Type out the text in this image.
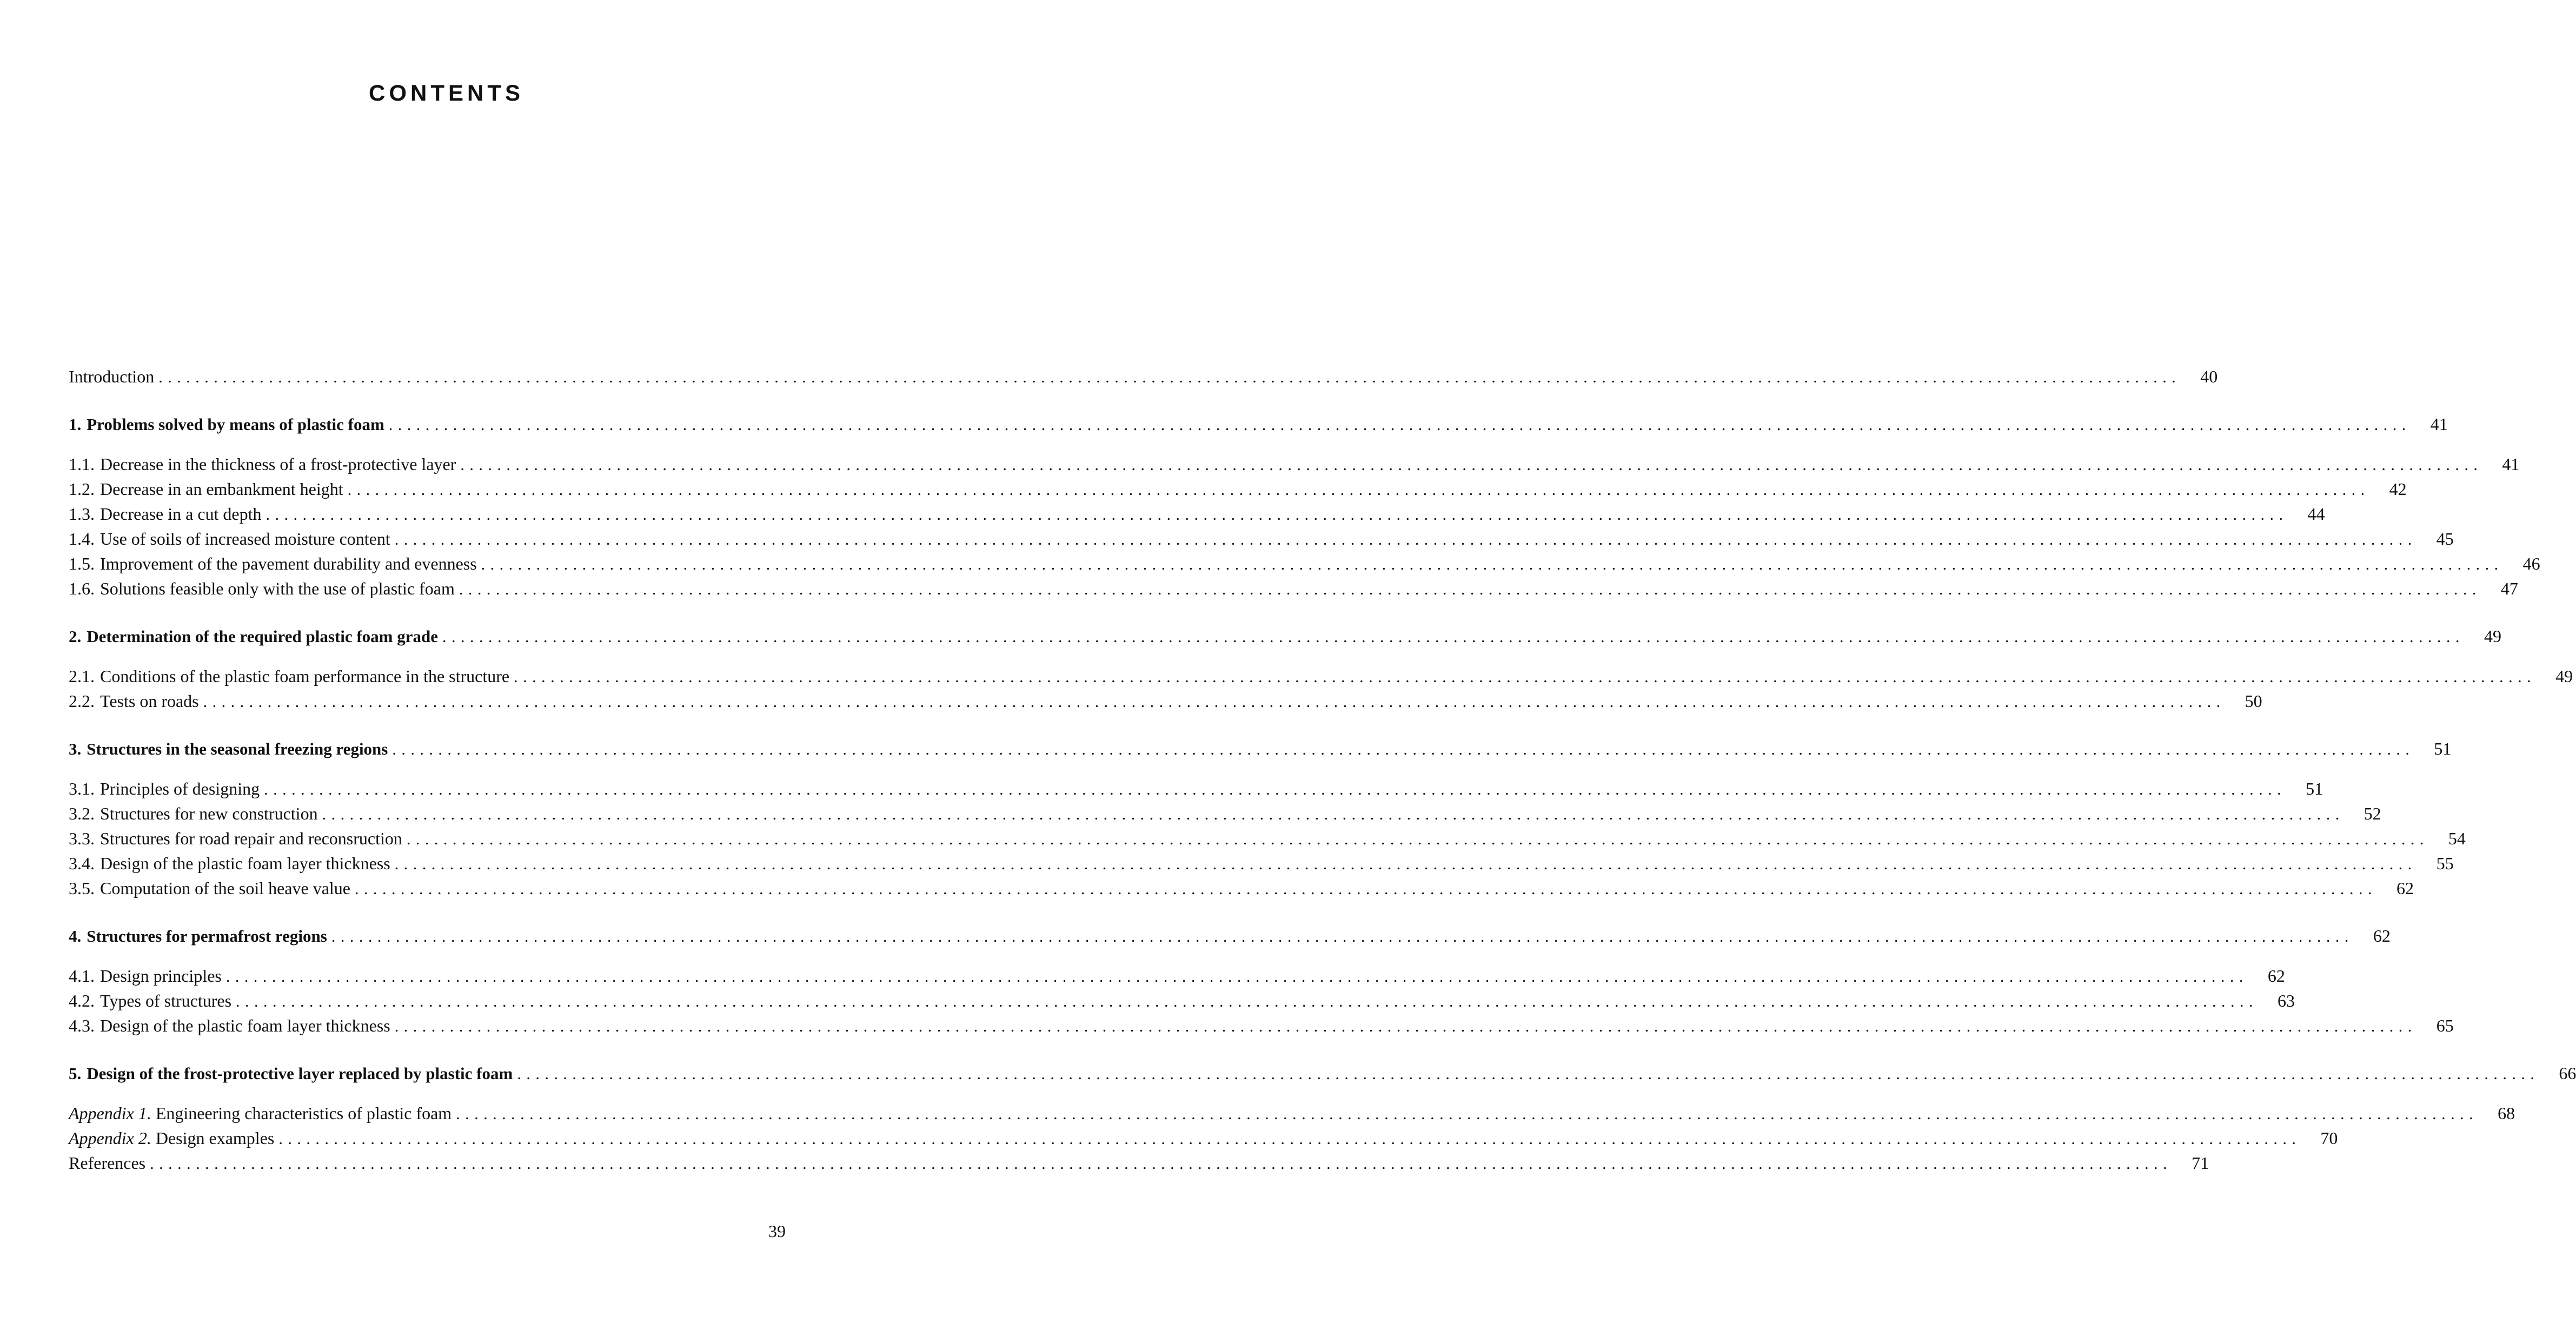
CONTENTS
Introduction ............................................................................................................................................................................................................................	40
1. Problems solved by means of plastic foam ............................................................................................................................................................................................................................	41
1.1. Decrease in the thickness of a frost-protective layer ............................................................................................................................................................................................................................	41
1.2. Decrease in an embankment height ............................................................................................................................................................................................................................	42
1.3. Decrease in a cut depth ............................................................................................................................................................................................................................	44
1.4. Use of soils of increased moisture content ............................................................................................................................................................................................................................	45
1.5. Improvement of the pavement durability and evenness ............................................................................................................................................................................................................................	46
1.6. Solutions feasible only with the use of plastic foam ............................................................................................................................................................................................................................	47
2. Determination of the required plastic foam grade ............................................................................................................................................................................................................................	49
2.1. Conditions of the plastic foam performance in the structure ............................................................................................................................................................................................................................	49
2.2. Tests on roads ............................................................................................................................................................................................................................	50
3. Structures in the seasonal freezing regions ............................................................................................................................................................................................................................	51
3.1. Principles of designing ............................................................................................................................................................................................................................	51
3.2. Structures for new construction ............................................................................................................................................................................................................................	52
3.3. Structures for road repair and reconsruction ............................................................................................................................................................................................................................	54
3.4. Design of the plastic foam layer thickness ............................................................................................................................................................................................................................	55
3.5. Computation of the soil heave value ............................................................................................................................................................................................................................	62
4. Structures for permafrost regions ............................................................................................................................................................................................................................	62
4.1. Design principles ............................................................................................................................................................................................................................	62
4.2. Types of structures ............................................................................................................................................................................................................................	63
4.3. Design of the plastic foam layer thickness ............................................................................................................................................................................................................................	65
5. Design of the frost-protective layer replaced by plastic foam ............................................................................................................................................................................................................................	66
Appendix 1. Engineering characteristics of plastic foam ............................................................................................................................................................................................................................	68
Appendix 2. Design examples ............................................................................................................................................................................................................................	70
References ............................................................................................................................................................................................................................	71
39
